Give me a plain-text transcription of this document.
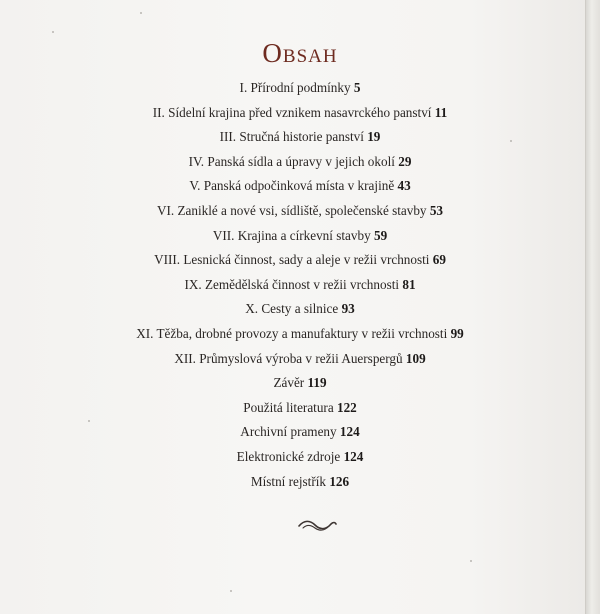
Obsah
I. Přírodní podmínky 5
II. Sídelní krajina před vznikem nasavrckého panství 11
III. Stručná historie panství 19
IV. Panská sídla a úpravy v jejich okolí 29
V. Panská odpočinková místa v krajině 43
VI. Zaniklé a nové vsi, sídliště, společenské stavby 53
VII. Krajina a církevní stavby 59
VIII. Lesnická činnost, sady a aleje v režii vrchnosti 69
IX. Zemědělská činnost v režii vrchnosti 81
X. Cesty a silnice 93
XI. Těžba, drobné provozy a manufaktury v režii vrchnosti 99
XII. Průmyslová výroba v režii Auerspergů 109
Závěr 119
Použitá literatura 122
Archivní prameny 124
Elektronické zdroje 124
Místní rejstřík 126
